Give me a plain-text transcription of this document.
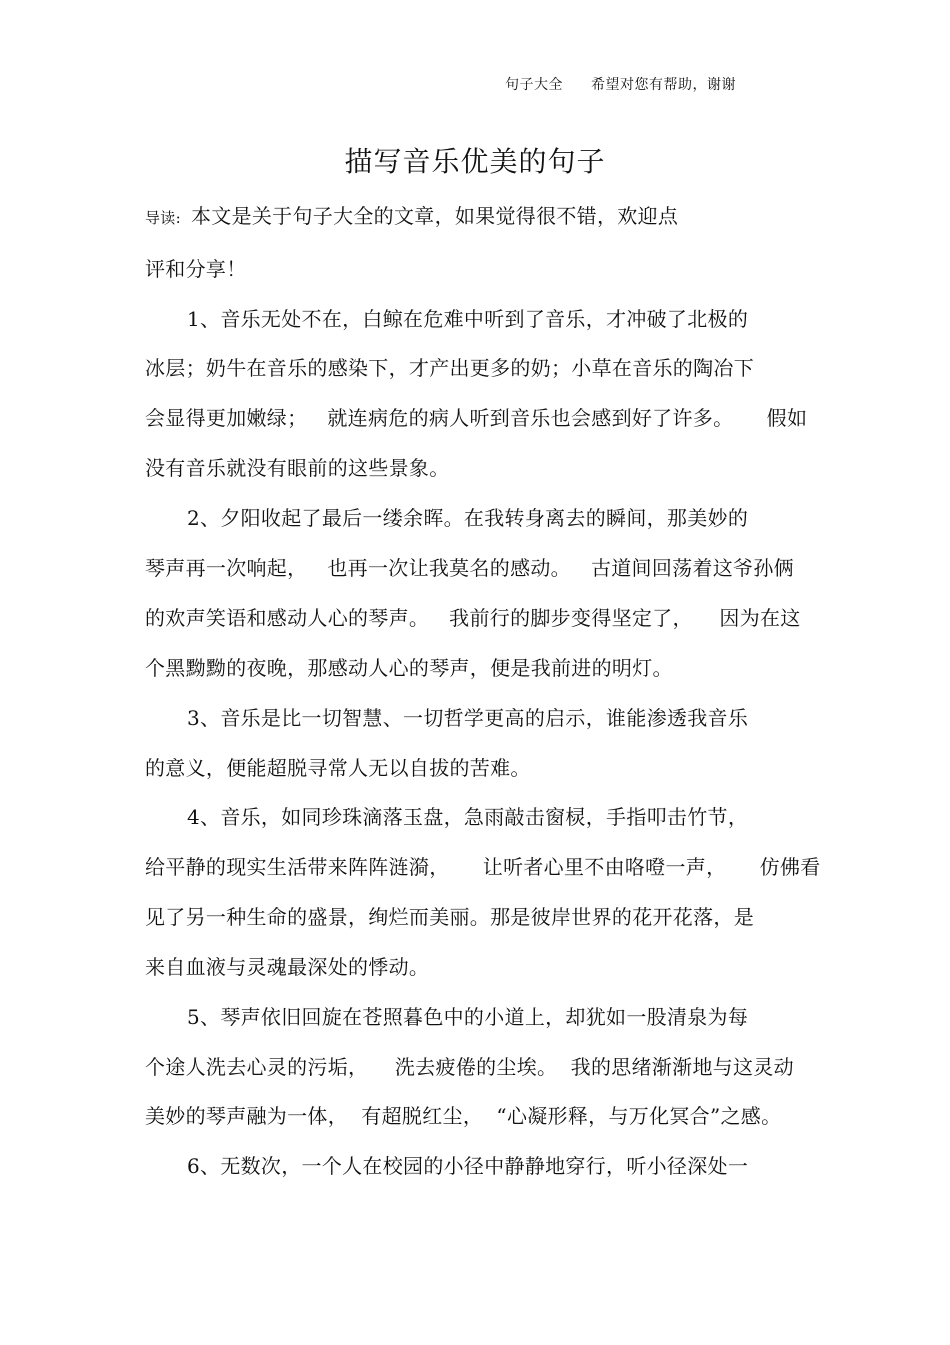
句子大全 希望对您有帮助，谢谢
描写音乐优美的句子
导读: 本文是关于句子大全的文章，如果觉得很不错，欢迎点
评和分享！
1、音乐无处不在，白鲸在危难中听到了音乐，才冲破了北极的
冰层；奶牛在音乐的感染下，才产出更多的奶；小草在音乐的陶冶下
会显得更加嫩绿；   就连病危的病人听到音乐也会感到好了许多。     假如
没有音乐就没有眼前的这些景象。
2、夕阳收起了最后一缕余晖。在我转身离去的瞬间，那美妙的
琴声再一次响起，   也再一次让我莫名的感动。   古道间回荡着这爷孙俩
的欢声笑语和感动人心的琴声。   我前行的脚步变得坚定了，    因为在这
个黑黝黝的夜晚，那感动人心的琴声，便是我前进的明灯。
3、音乐是比一切智慧、一切哲学更高的启示，谁能渗透我音乐
的意义，便能超脱寻常人无以自拔的苦难。
4、音乐，如同珍珠滴落玉盘，急雨敲击窗棂，手指叩击竹节，
给平静的现实生活带来阵阵涟漪，     让听者心里不由咯噔一声，     仿佛看
见了另一种生命的盛景，绚烂而美丽。那是彼岸世界的花开花落，是
来自血液与灵魂最深处的悸动。
5、琴声依旧回旋在苍照暮色中的小道上，却犹如一股清泉为每
个途人洗去心灵的污垢，    洗去疲倦的尘埃。  我的思绪渐渐地与这灵动
美妙的琴声融为一体，  有超脱红尘，  “心凝形释，与万化冥合”之感。
6、无数次，一个人在校园的小径中静静地穿行，听小径深处一
